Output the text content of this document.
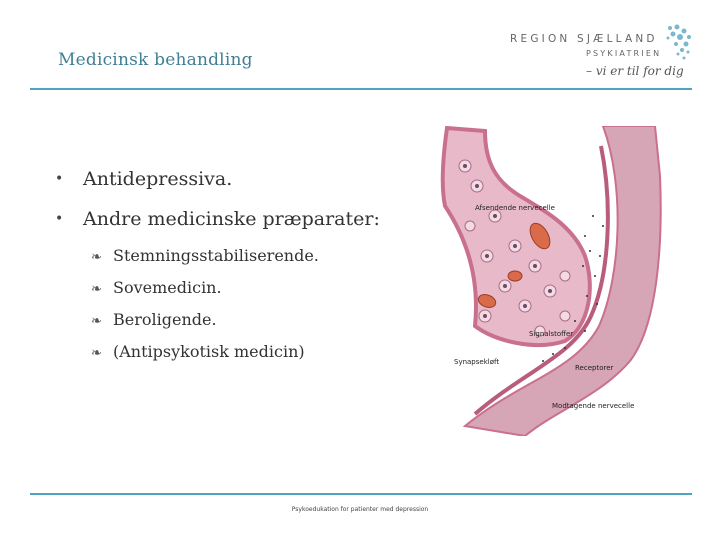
Medicinsk behandling
REGION SJÆLLAND
PSYKIATRIEN
– vi er til for dig
• Antidepressiva.
• Andre medicinske præparater:
❧ Stemningsstabiliserende.
❧ Sovemedicin.
❧ Beroligende.
❧ (Antipsykotisk medicin)
Afsendende nervecelle
Signalstoffer
Synapsekløft
Receptorer
Modtagende nervecelle
Psykoedukation for patienter med depression
